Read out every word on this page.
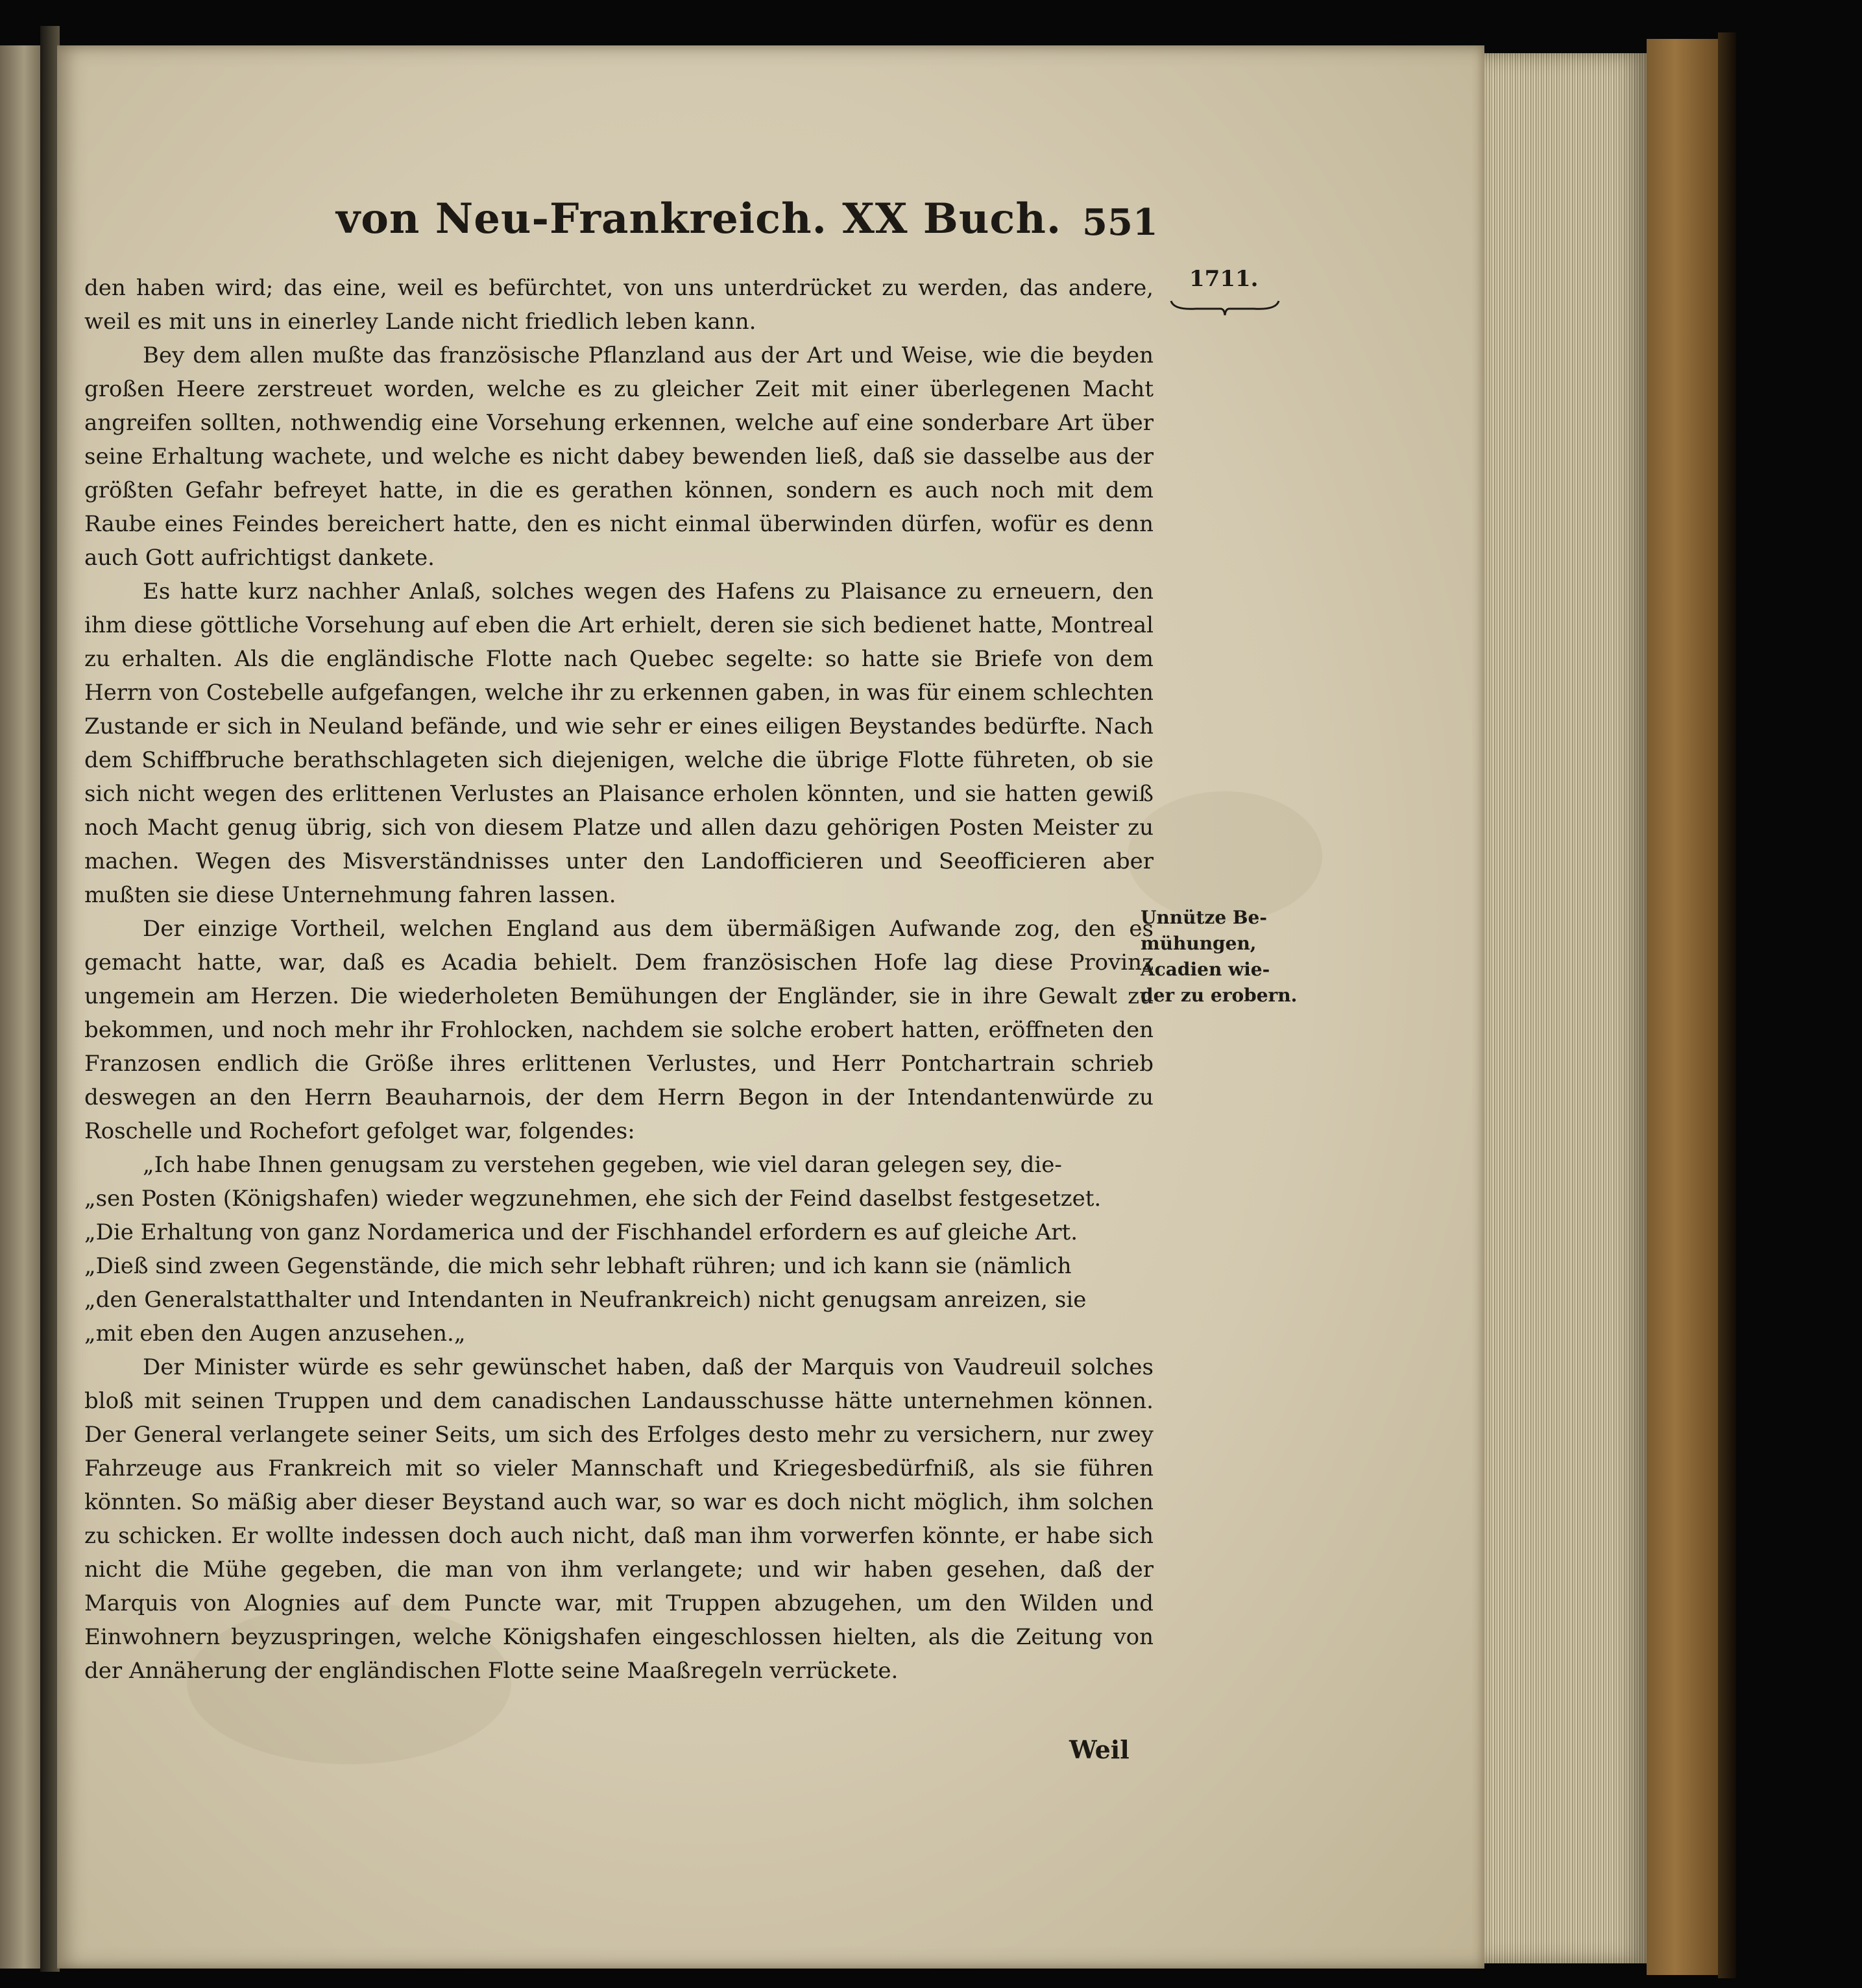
von Neu-Frankreich. XX Buch. 551
1711.
Unnütze Be-
mühungen,
Acadien wie-
der zu erobern.

den haben wird; das eine, weil es befürchtet, von uns unterdrücket zu werden, das andere, weil es mit uns in einerley Lande nicht friedlich leben kann.

Bey dem allen mußte das französische Pflanzland aus der Art und Weise, wie die beyden großen Heere zerstreuet worden, welche es zu gleicher Zeit mit einer überlegenen Macht angreifen sollten, nothwendig eine Vorsehung erkennen, welche auf eine sonderbare Art über seine Erhaltung wachete, und welche es nicht dabey bewenden ließ, daß sie dasselbe aus der größten Gefahr befreyet hatte, in die es gerathen können, sondern es auch noch mit dem Raube eines Feindes bereichert hatte, den es nicht einmal überwinden dürfen, wofür es denn auch Gott aufrichtigst dankete.

Es hatte kurz nachher Anlaß, solches wegen des Hafens zu Plaisance zu erneuern, den ihm diese göttliche Vorsehung auf eben die Art erhielt, deren sie sich bedienet hatte, Montreal zu erhalten. Als die engländische Flotte nach Quebec segelte: so hatte sie Briefe von dem Herrn von Costebelle aufgefangen, welche ihr zu erkennen gaben, in was für einem schlechten Zustande er sich in Neuland befände, und wie sehr er eines eiligen Beystandes bedürfte. Nach dem Schiffbruche berathschlageten sich diejenigen, welche die übrige Flotte führeten, ob sie sich nicht wegen des erlittenen Verlustes an Plaisance erholen könnten, und sie hatten gewiß noch Macht genug übrig, sich von diesem Platze und allen dazu gehörigen Posten Meister zu machen. Wegen des Misverständnisses unter den Landofficieren und Seeofficieren aber mußten sie diese Unternehmung fahren lassen.

Der einzige Vortheil, welchen England aus dem übermäßigen Aufwande zog, den es gemacht hatte, war, daß es Acadia behielt. Dem französischen Hofe lag diese Provinz ungemein am Herzen. Die wiederholeten Bemühungen der Engländer, sie in ihre Gewalt zu bekommen, und noch mehr ihr Frohlocken, nachdem sie solche erobert hatten, eröffneten den Franzosen endlich die Größe ihres erlittenen Verlustes, und Herr Pontchartrain schrieb deswegen an den Herrn Beauharnois, der dem Herrn Begon in der Intendantenwürde zu Roschelle und Rochefort gefolget war, folgendes:

„Ich habe Ihnen genugsam zu verstehen gegeben, wie viel daran gelegen sey, die-
„sen Posten (Königshafen) wieder wegzunehmen, ehe sich der Feind daselbst festgesetzet.
„Die Erhaltung von ganz Nordamerica und der Fischhandel erfordern es auf gleiche Art.
„Dieß sind zween Gegenstände, die mich sehr lebhaft rühren; und ich kann sie (nämlich
„den Generalstatthalter und Intendanten in Neufrankreich) nicht genugsam anreizen, sie
„mit eben den Augen anzusehen.„

Der Minister würde es sehr gewünschet haben, daß der Marquis von Vaudreuil solches bloß mit seinen Truppen und dem canadischen Landausschusse hätte unternehmen können. Der General verlangete seiner Seits, um sich des Erfolges desto mehr zu versichern, nur zwey Fahrzeuge aus Frankreich mit so vieler Mannschaft und Kriegesbedürfniß, als sie führen könnten. So mäßig aber dieser Beystand auch war, so war es doch nicht möglich, ihm solchen zu schicken. Er wollte indessen doch auch nicht, daß man ihm vorwerfen könnte, er habe sich nicht die Mühe gegeben, die man von ihm verlangete; und wir haben gesehen, daß der Marquis von Alognies auf dem Puncte war, mit Truppen abzugehen, um den Wilden und Einwohnern beyzuspringen, welche Königshafen eingeschlossen hielten, als die Zeitung von der Annäherung der engländischen Flotte seine Maaßregeln verrückete.

Weil
